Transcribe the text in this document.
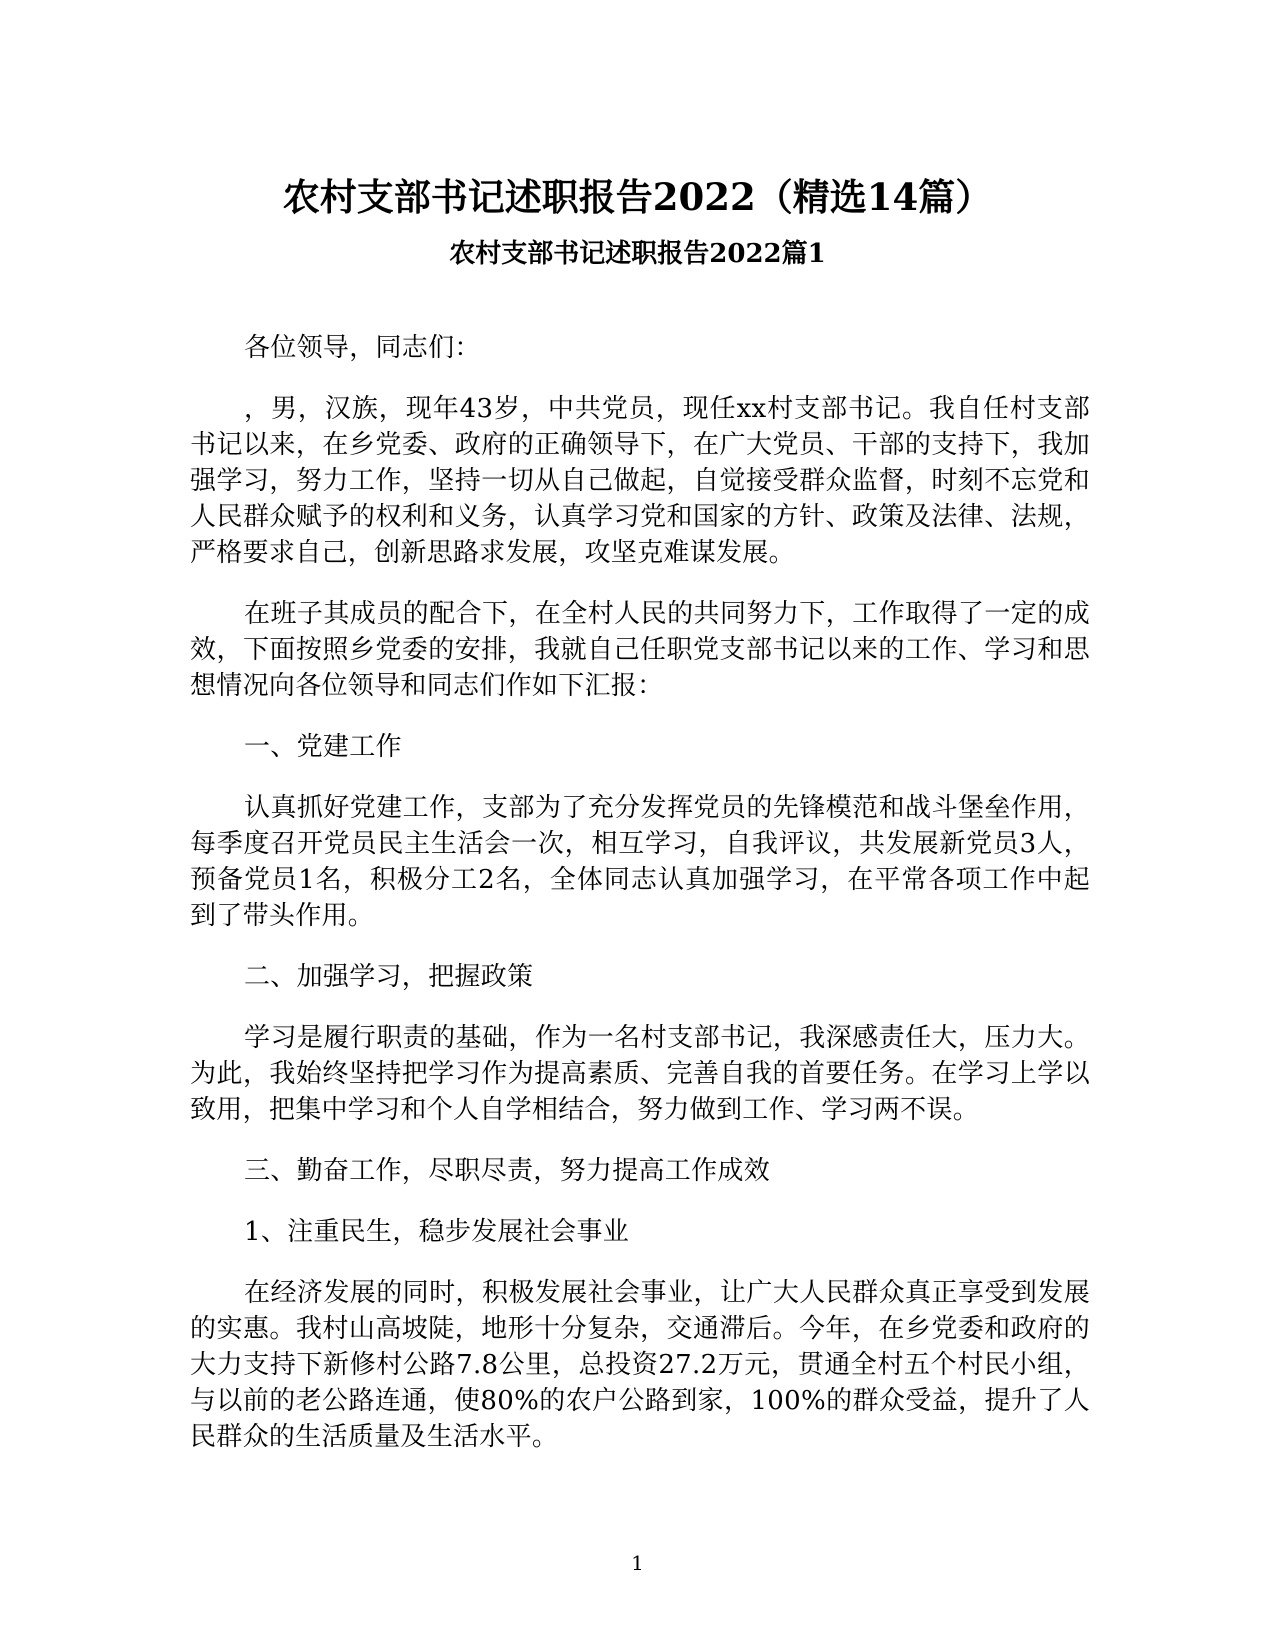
农村支部书记述职报告2022（精选14篇）
农村支部书记述职报告2022篇1

各位领导，同志们：

，男，汉族，现年43岁，中共党员，现任xx村支部书记。我自任村支部书记以来，在乡党委、政府的正确领导下，在广大党员、干部的支持下，我加强学习，努力工作，坚持一切从自己做起，自觉接受群众监督，时刻不忘党和人民群众赋予的权利和义务，认真学习党和国家的方针、政策及法律、法规，严格要求自己，创新思路求发展，攻坚克难谋发展。

在班子其成员的配合下，在全村人民的共同努力下，工作取得了一定的成效，下面按照乡党委的安排，我就自己任职党支部书记以来的工作、学习和思想情况向各位领导和同志们作如下汇报：

一、党建工作

认真抓好党建工作，支部为了充分发挥党员的先锋模范和战斗堡垒作用，每季度召开党员民主生活会一次，相互学习，自我评议，共发展新党员3人，预备党员1名，积极分工2名，全体同志认真加强学习，在平常各项工作中起到了带头作用。

二、加强学习，把握政策

学习是履行职责的基础，作为一名村支部书记，我深感责任大，压力大。为此，我始终坚持把学习作为提高素质、完善自我的首要任务。在学习上学以致用，把集中学习和个人自学相结合，努力做到工作、学习两不误。

三、勤奋工作，尽职尽责，努力提高工作成效

1、注重民生，稳步发展社会事业

在经济发展的同时，积极发展社会事业，让广大人民群众真正享受到发展的实惠。我村山高坡陡，地形十分复杂，交通滞后。今年，在乡党委和政府的大力支持下新修村公路7.8公里，总投资27.2万元，贯通全村五个村民小组，与以前的老公路连通，使80%的农户公路到家，100%的群众受益，提升了人民群众的生活质量及生活水平。

1
